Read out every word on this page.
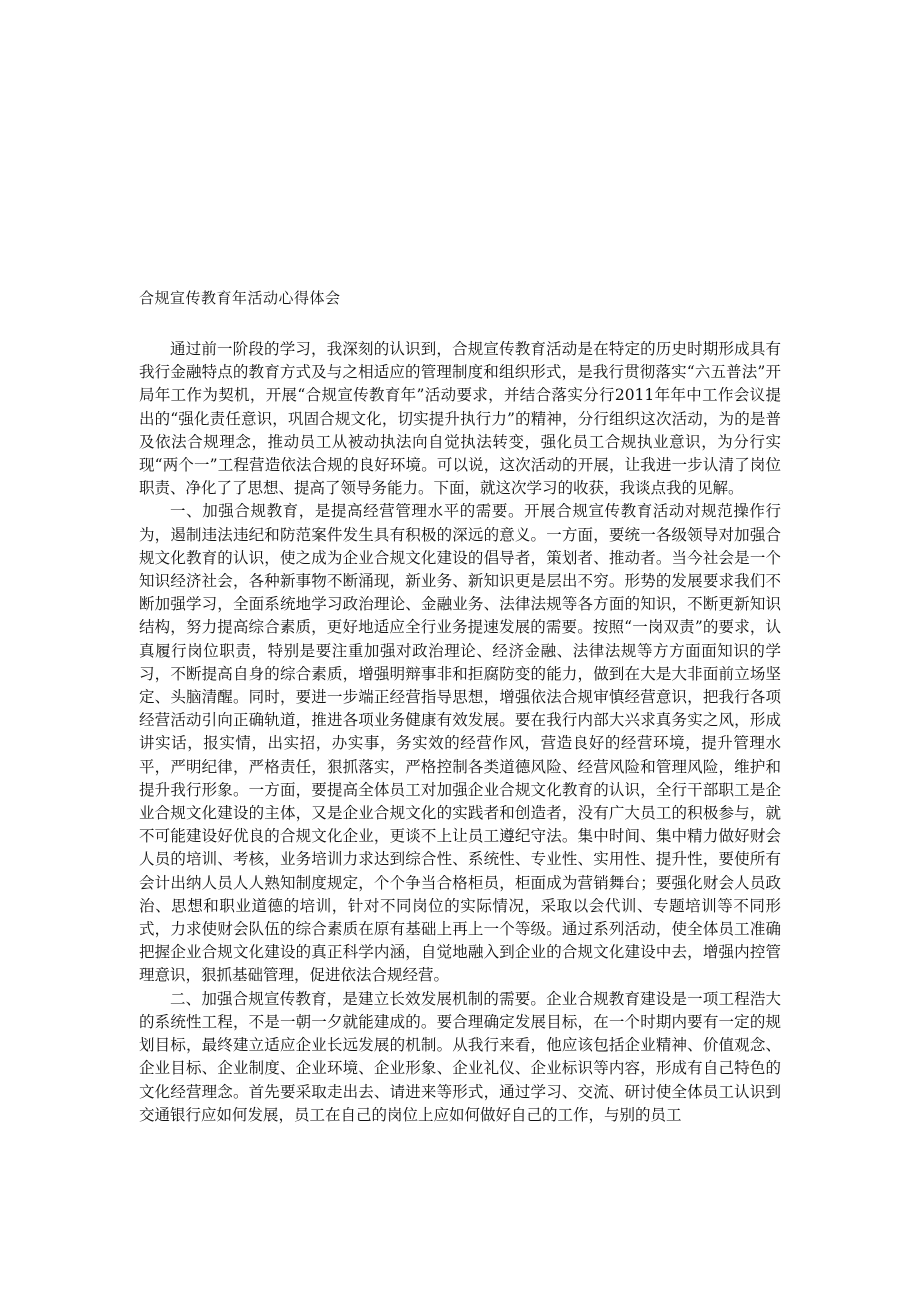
合规宣传教育年活动心得体会

通过前一阶段的学习，我深刻的认识到，合规宣传教育活动是在特定的历史时期形成具有我行金融特点的教育方式及与之相适应的管理制度和组织形式，是我行贯彻落实“六五普法”开局年工作为契机，开展“合规宣传教育年”活动要求，并结合落实分行2011年年中工作会议提出的“强化责任意识，巩固合规文化，切实提升执行力”的精神，分行组织这次活动，为的是普及依法合规理念，推动员工从被动执法向自觉执法转变，强化员工合规执业意识，为分行实现“两个一”工程营造依法合规的良好环境。可以说，这次活动的开展，让我进一步认清了岗位职责、净化了了思想、提高了领导务能力。下面，就这次学习的收获，我谈点我的见解。

一、加强合规教育，是提高经营管理水平的需要。开展合规宣传教育活动对规范操作行为，遏制违法违纪和防范案件发生具有积极的深远的意义。一方面，要统一各级领导对加强合规文化教育的认识，使之成为企业合规文化建设的倡导者，策划者、推动者。当今社会是一个知识经济社会，各种新事物不断涌现，新业务、新知识更是层出不穷。形势的发展要求我们不断加强学习，全面系统地学习政治理论、金融业务、法律法规等各方面的知识，不断更新知识结构，努力提高综合素质，更好地适应全行业务提速发展的需要。按照“一岗双责”的要求，认真履行岗位职责，特别是要注重加强对政治理论、经济金融、法律法规等方方面面知识的学习，不断提高自身的综合素质，增强明辩事非和拒腐防变的能力，做到在大是大非面前立场坚定、头脑清醒。同时，要进一步端正经营指导思想，增强依法合规审慎经营意识，把我行各项经营活动引向正确轨道，推进各项业务健康有效发展。要在我行内部大兴求真务实之风，形成讲实话，报实情，出实招，办实事，务实效的经营作风，营造良好的经营环境，提升管理水平，严明纪律，严格责任，狠抓落实，严格控制各类道德风险、经营风险和管理风险，维护和提升我行形象。一方面，要提高全体员工对加强企业合规文化教育的认识，全行干部职工是企业合规文化建设的主体，又是企业合规文化的实践者和创造者，没有广大员工的积极参与，就不可能建设好优良的合规文化企业，更谈不上让员工遵纪守法。集中时间、集中精力做好财会人员的培训、考核，业务培训力求达到综合性、系统性、专业性、实用性、提升性，要使所有会计出纳人员人人熟知制度规定，个个争当合格柜员，柜面成为营销舞台；要强化财会人员政治、思想和职业道德的培训，针对不同岗位的实际情况，采取以会代训、专题培训等不同形式，力求使财会队伍的综合素质在原有基础上再上一个等级。通过系列活动，使全体员工准确把握企业合规文化建设的真正科学内涵，自觉地融入到企业的合规文化建设中去，增强内控管理意识，狠抓基础管理，促进依法合规经营。

二、加强合规宣传教育，是建立长效发展机制的需要。企业合规教育建设是一项工程浩大的系统性工程，不是一朝一夕就能建成的。要合理确定发展目标，在一个时期内要有一定的规划目标，最终建立适应企业长远发展的机制。从我行来看，他应该包括企业精神、价值观念、企业目标、企业制度、企业环境、企业形象、企业礼仪、企业标识等内容，形成有自己特色的文化经营理念。首先要采取走出去、请进来等形式，通过学习、交流、研讨使全体员工认识到交通银行应如何发展，员工在自己的岗位上应如何做好自己的工作，与别的员工
